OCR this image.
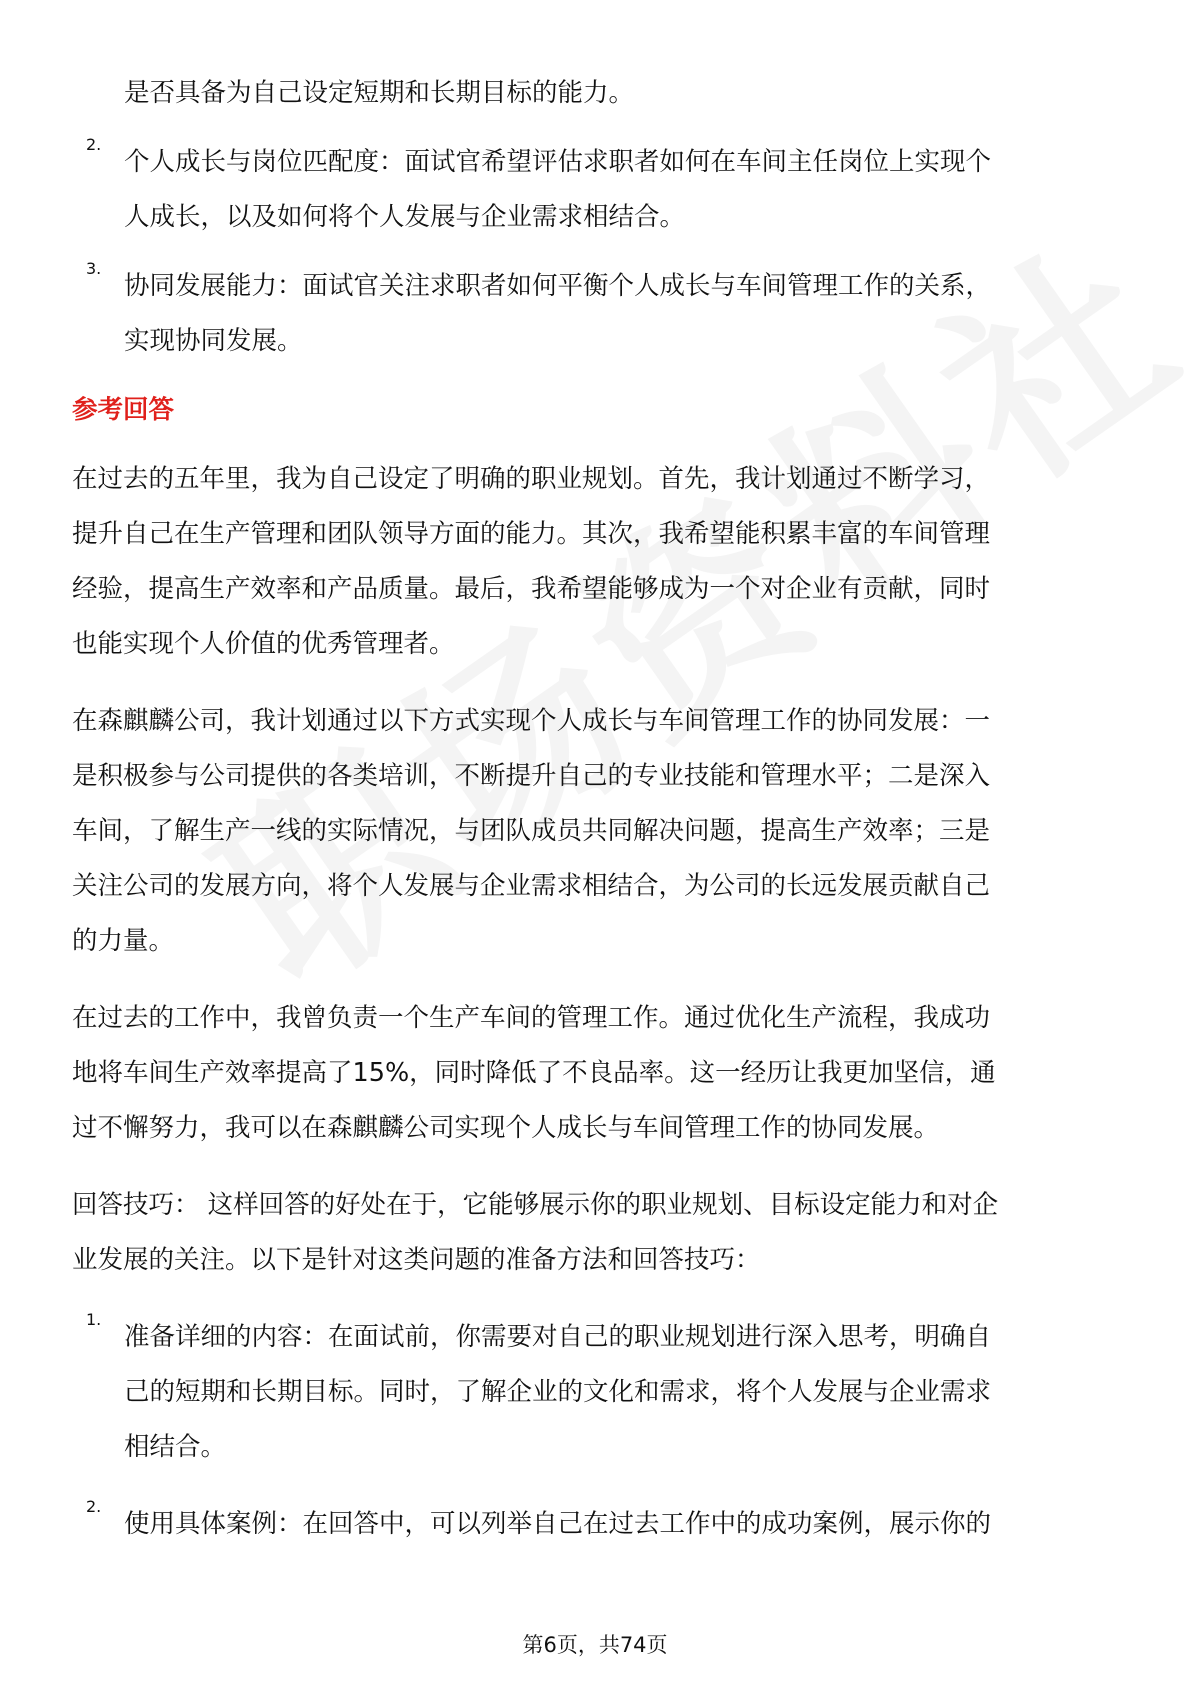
是否具备为自己设定短期和长期目标的能力。
2.
个人成长与岗位匹配度：面试官希望评估求职者如何在车间主任岗位上实现个
人成长，以及如何将个人发展与企业需求相结合。
3.
协同发展能力：面试官关注求职者如何平衡个人成长与车间管理工作的关系，
实现协同发展。
参考回答
在过去的五年里，我为自己设定了明确的职业规划。首先，我计划通过不断学习，
提升自己在生产管理和团队领导方面的能力。其次，我希望能积累丰富的车间管理
经验，提高生产效率和产品质量。最后，我希望能够成为一个对企业有贡献，同时
也能实现个人价值的优秀管理者。
在森麒麟公司，我计划通过以下方式实现个人成长与车间管理工作的协同发展：一
是积极参与公司提供的各类培训，不断提升自己的专业技能和管理水平；二是深入
车间，了解生产一线的实际情况，与团队成员共同解决问题，提高生产效率；三是
关注公司的发展方向，将个人发展与企业需求相结合，为公司的长远发展贡献自己
的力量。
在过去的工作中，我曾负责一个生产车间的管理工作。通过优化生产流程，我成功
地将车间生产效率提高了15%，同时降低了不良品率。这一经历让我更加坚信，通
过不懈努力，我可以在森麒麟公司实现个人成长与车间管理工作的协同发展。
回答技巧： 这样回答的好处在于，它能够展示你的职业规划、目标设定能力和对企
业发展的关注。以下是针对这类问题的准备方法和回答技巧：
1.
准备详细的内容：在面试前，你需要对自己的职业规划进行深入思考，明确自
己的短期和长期目标。同时，了解企业的文化和需求，将个人发展与企业需求
相结合。
2.
使用具体案例：在回答中，可以列举自己在过去工作中的成功案例，展示你的
第6页，共74页
